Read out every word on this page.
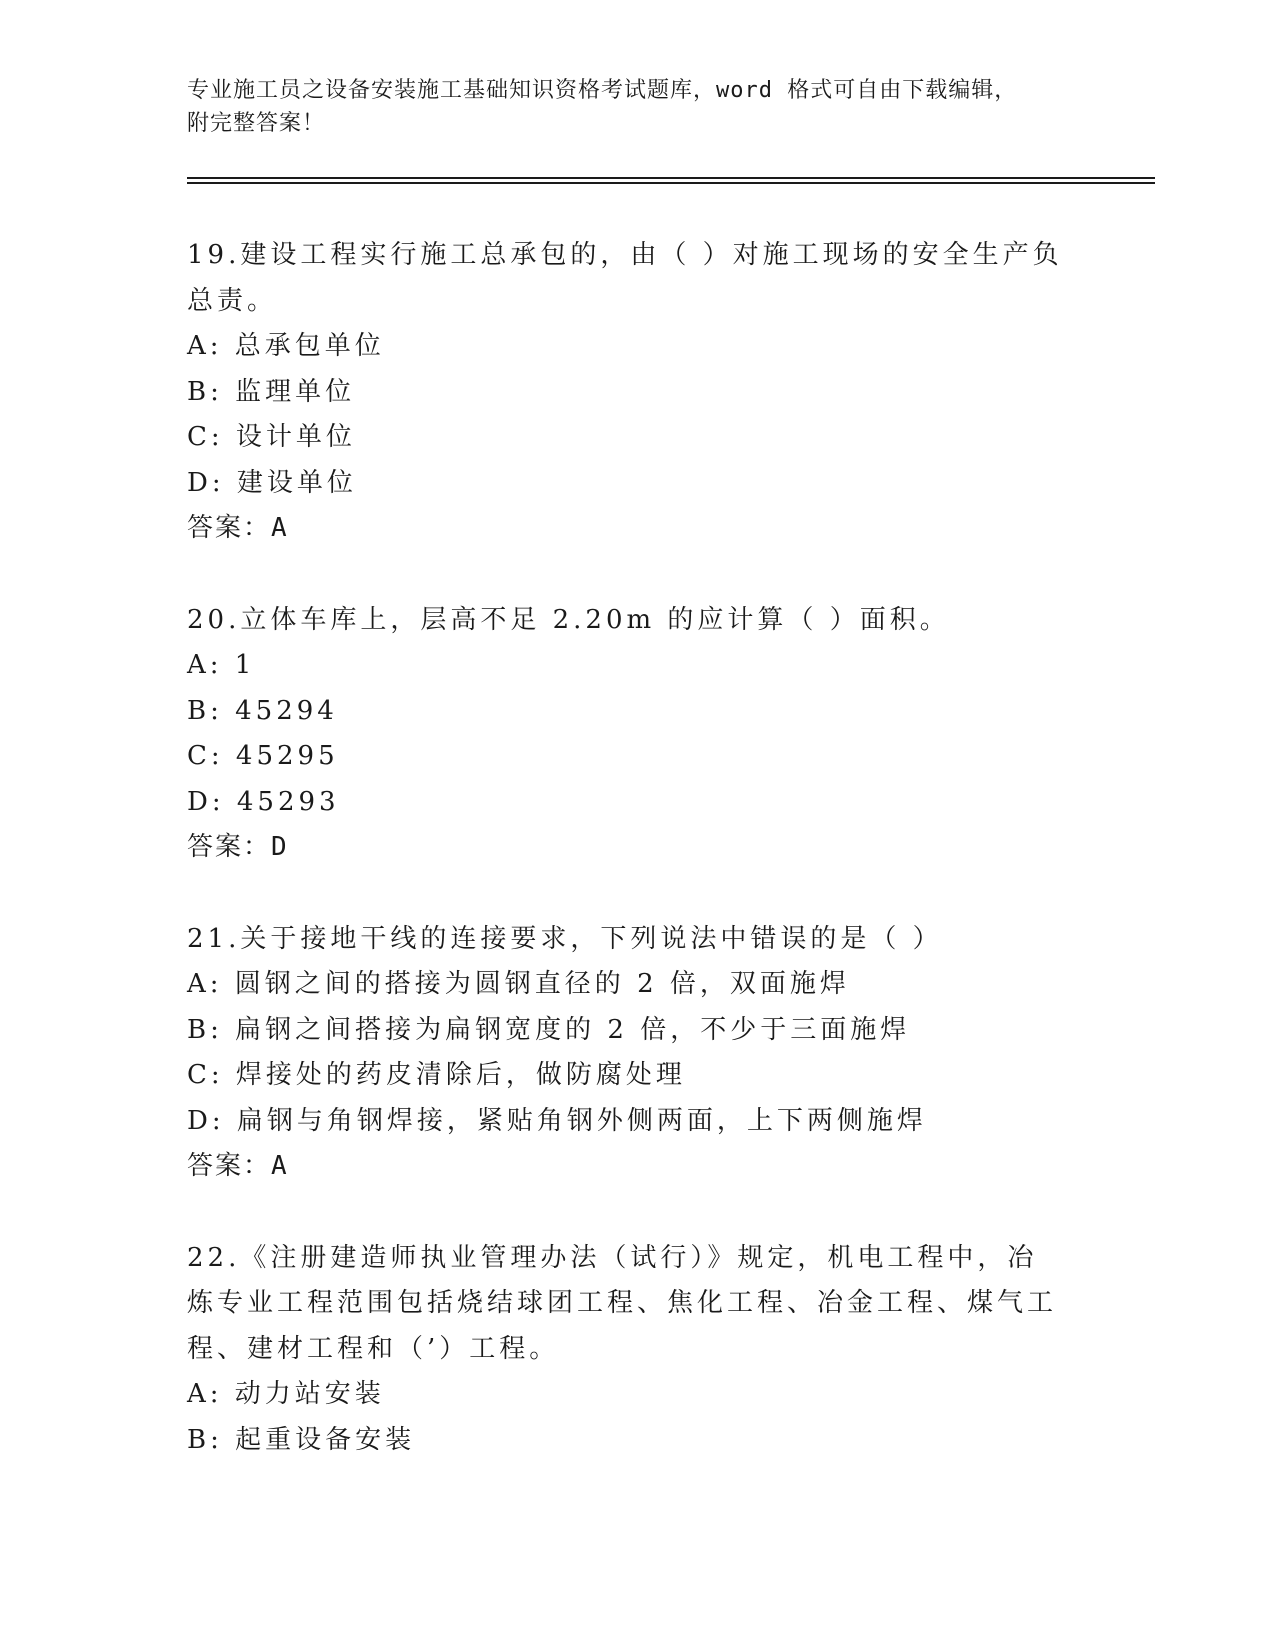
专业施工员之设备安装施工基础知识资格考试题库，word 格式可自由下载编辑，
附完整答案！
19.建设工程实行施工总承包的，由（ ）对施工现场的安全生产负总责。
A: 总承包单位
B: 监理单位
C: 设计单位
D: 建设单位
答案：A
20.立体车库上，层高不足 2.20m 的应计算（ ）面积。
A: 1
B: 45294
C: 45295
D: 45293
答案：D
21.关于接地干线的连接要求，下列说法中错误的是（ ）
A: 圆钢之间的搭接为圆钢直径的 2 倍，双面施焊
B: 扁钢之间搭接为扁钢宽度的 2 倍，不少于三面施焊
C: 焊接处的药皮清除后，做防腐处理
D: 扁钢与角钢焊接，紧贴角钢外侧两面，上下两侧施焊
答案：A
22.《注册建造师执业管理办法（试行）》规定，机电工程中，冶炼专业工程范围包括烧结球团工程、焦化工程、冶金工程、煤气工程、建材工程和（’）工程。
A: 动力站安装
B: 起重设备安装
